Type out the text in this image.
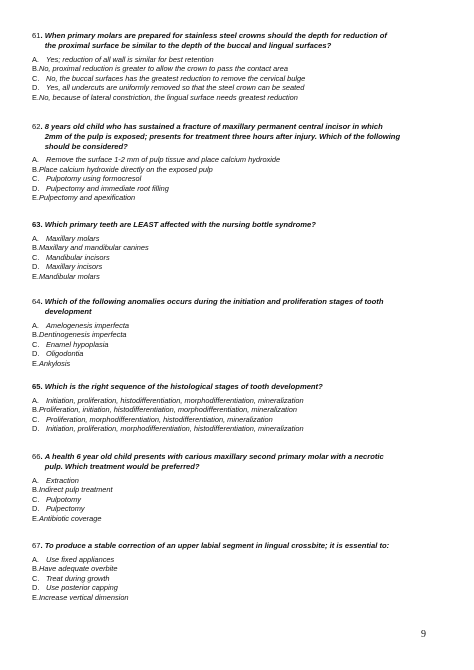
61 . When primary molars are prepared for stainless steel crowns should the depth for reduction of
the proximal surface be similar to the depth of the buccal and lingual surfaces?
A. Yes; reduction of all wall is similar for best retention
B. No, proximal reduction is greater to allow the crown to pass the contact area
C. No, the buccal surfaces has the greatest reduction to remove the cervical bulge
D. Yes, all undercuts are uniformly removed so that the steel crown can be seated
E. No, because of lateral constriction, the lingual surface needs greatest reduction
62 . 8 years old child who has sustained a fracture of maxillary permanent central incisor in which
2mm of the pulp is exposed; presents for treatment three hours after injury. Which of the following
should be considered?
A. Remove the surface 1-2 mm of pulp tissue and place calcium hydroxide
B. Place calcium hydroxide directly on the exposed pulp
C. Pulpotomy using formocresol
D. Pulpectomy and immediate root filling
E. Pulpectomy and apexification
63 . Which primary teeth are LEAST affected with the nursing bottle syndrome?
A. Maxillary molars
B. Maxillary and mandibular canines
C. Mandibular incisors
D. Maxillary incisors
E. Mandibular molars
64 . Which of the following anomalies occurs during the initiation and proliferation stages of tooth
development
A. Amelogenesis imperfecta
B. Dentinogenesis imperfecta
C. Enamel hypoplasia
D. Oligodontia
E. Ankylosis
65 . Which is the right sequence of the histological stages of tooth development?
A. Initiation, proliferation, histodifferentiation, morphodifferentiation, mineralization
B. Proliferation, initiation, histodifferentiation, morphodifferentiation, mineralization
C. Proliferation, morphodifferentiation, histodifferentiation, mineralization
D. Initiation, proliferation, morphodifferentiation, histodifferentiation, mineralization
66 . A health 6 year old child presents with carious maxillary second primary molar with a necrotic
pulp. Which treatment would be preferred?
A. Extraction
B. Indirect pulp treatment
C. Pulpotomy
D. Pulpectomy
E. Antibiotic coverage
67 . To produce a stable correction of an upper labial segment in lingual crossbite; it is essential to:
A. Use fixed appliances
B. Have adequate overbite
C. Treat during growth
D. Use posterior capping
E. Increase vertical dimension
9
